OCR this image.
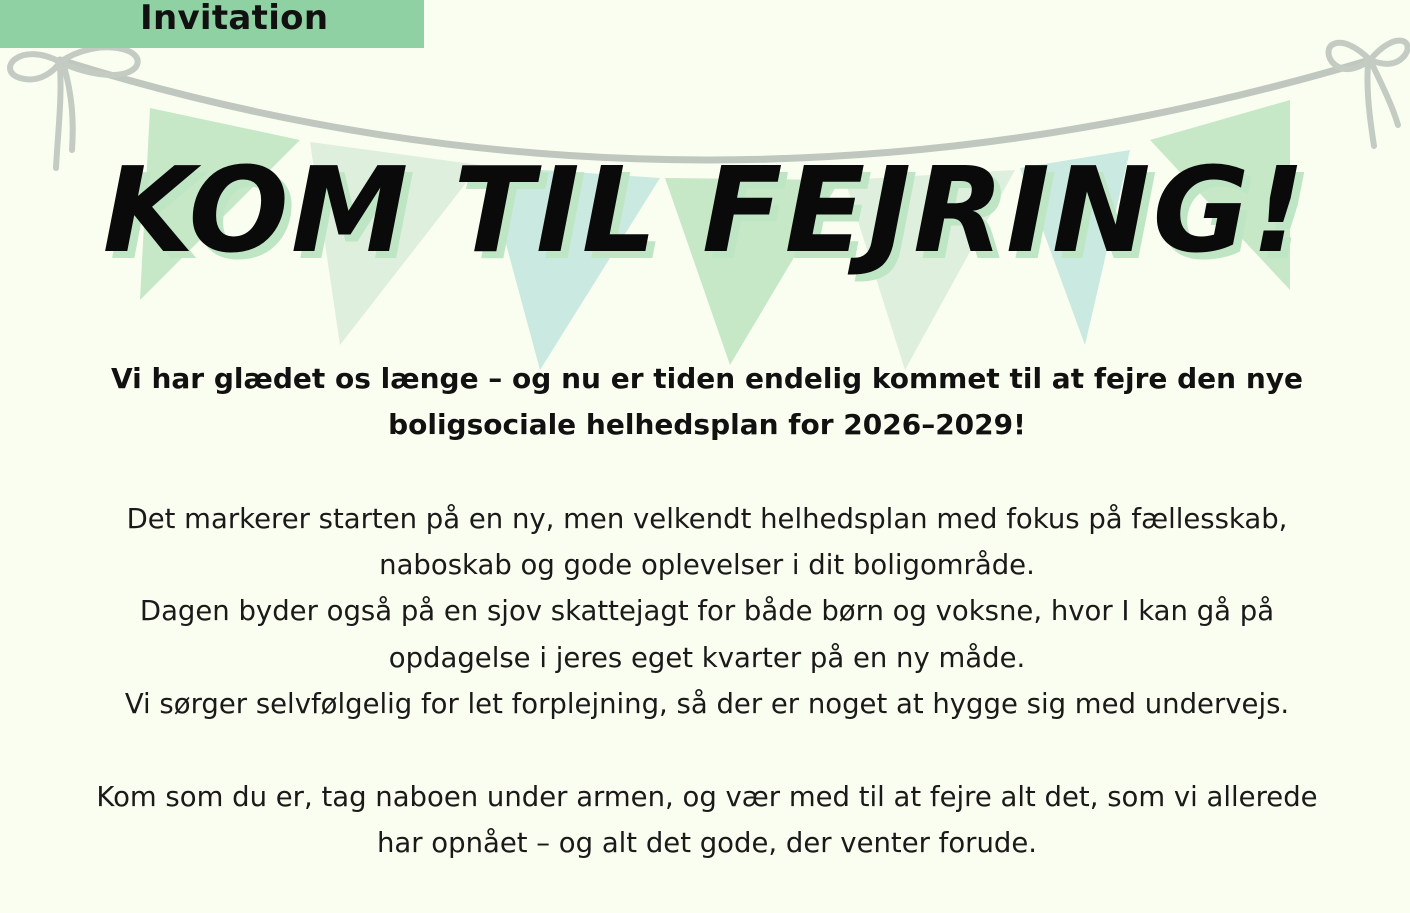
Invitation
KOM TIL FEJRING!
Vi har glædet os længe – og nu er tiden endelig kommet til at fejre den nye boligsociale helhedsplan for 2026–2029!

Det markerer starten på en ny, men velkendt helhedsplan med fokus på fællesskab, naboskab og gode oplevelser i dit boligområde.

Dagen byder også på en sjov skattejagt for både børn og voksne, hvor I kan gå på opdagelse i jeres eget kvarter på en ny måde.

Vi sørger selvfølgelig for let forplejning, så der er noget at hygge sig med undervejs.

Kom som du er, tag naboen under armen, og vær med til at fejre alt det, som vi allerede har opnået – og alt det gode, der venter forude.
